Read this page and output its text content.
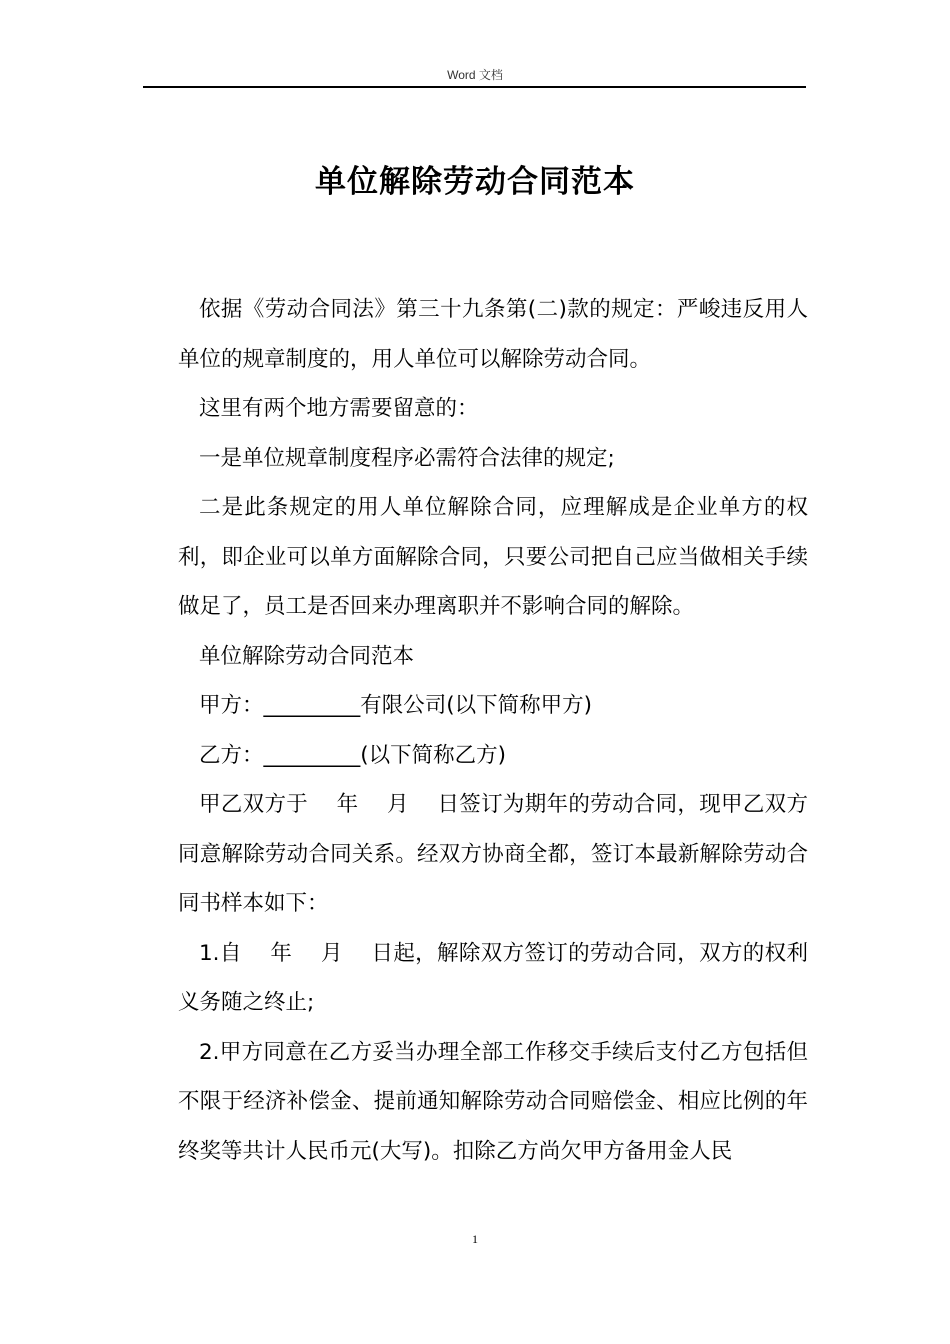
Word 文档
单位解除劳动合同范本

依据《劳动合同法》第三十九条第(二)款的规定：严峻违反用人单位的规章制度的，用人单位可以解除劳动合同。

这里有两个地方需要留意的：

一是单位规章制度程序必需符合法律的规定;

二是此条规定的用人单位解除合同，应理解成是企业单方的权利，即企业可以单方面解除合同，只要公司把自己应当做相关手续做足了，员工是否回来办理离职并不影响合同的解除。

单位解除劳动合同范本

甲方：_________有限公司(以下简称甲方)

乙方：_________(以下简称乙方)

甲乙双方于    年    月    日签订为期年的劳动合同，现甲乙双方同意解除劳动合同关系。经双方协商全都，签订本最新解除劳动合同书样本如下：

1.自    年    月    日起，解除双方签订的劳动合同，双方的权利义务随之终止;

2.甲方同意在乙方妥当办理全部工作移交手续后支付乙方包括但不限于经济补偿金、提前通知解除劳动合同赔偿金、相应比例的年终奖等共计人民币元(大写)。扣除乙方尚欠甲方备用金人民

1
